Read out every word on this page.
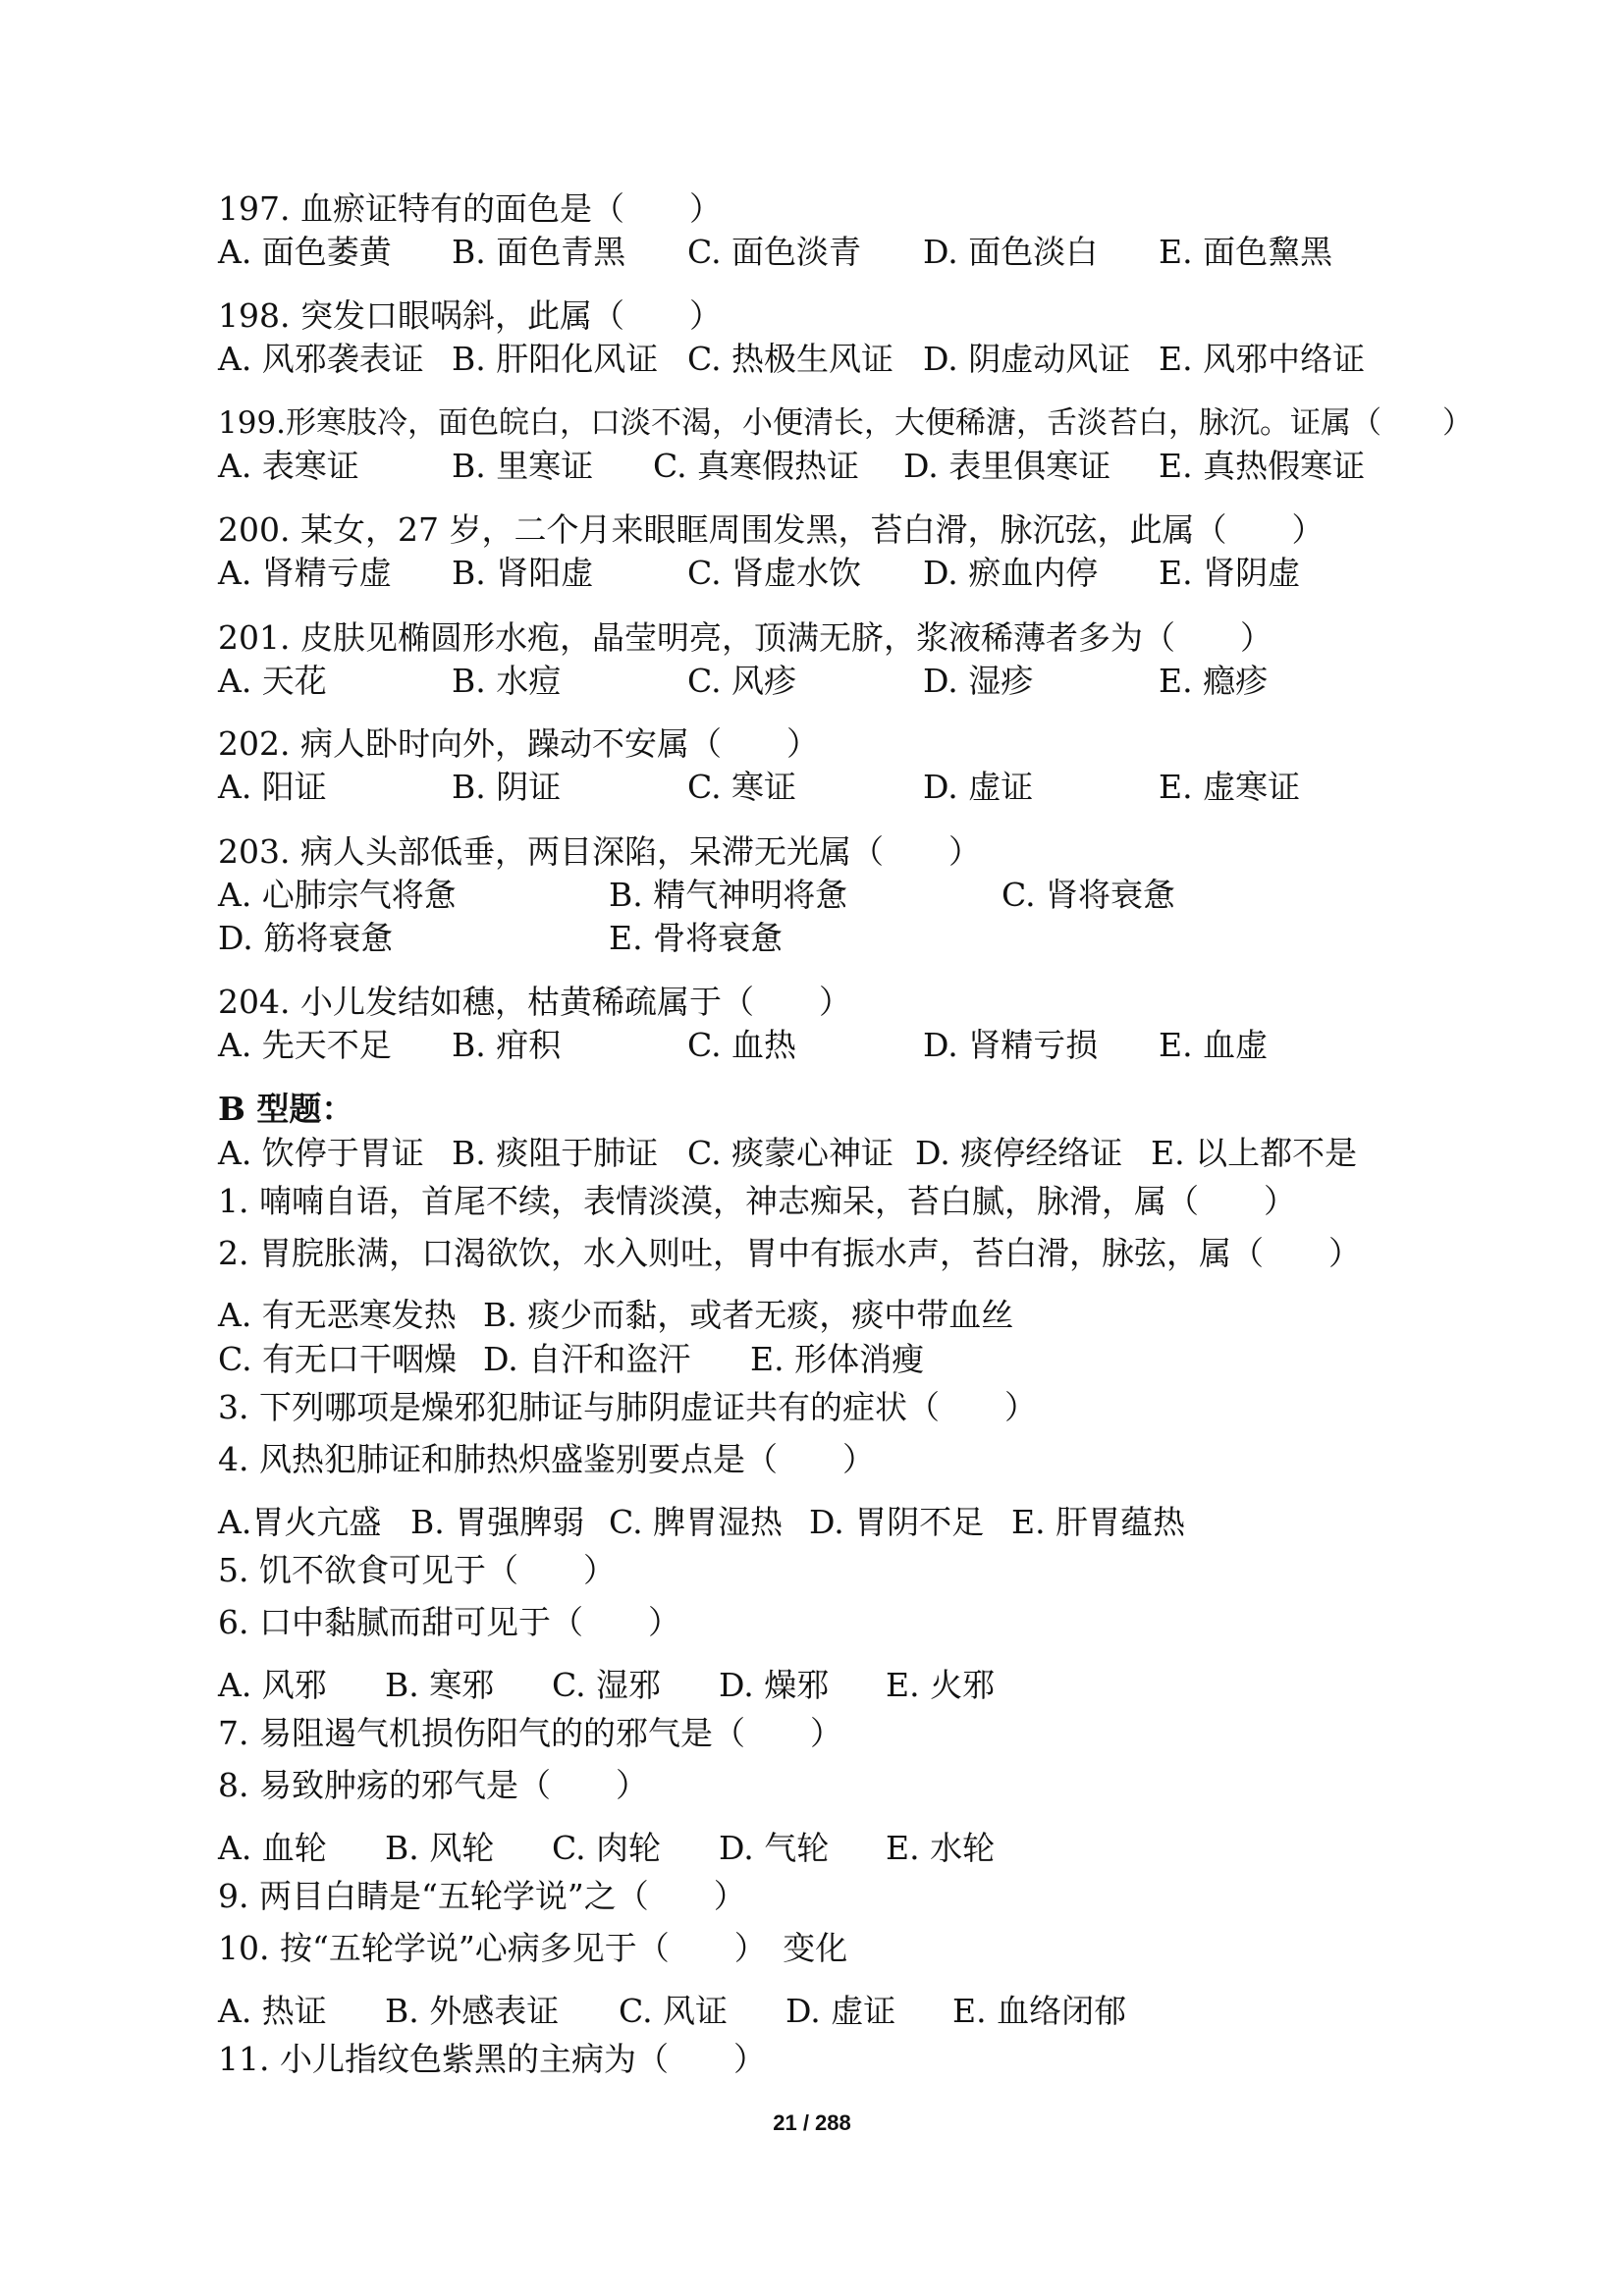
197. 血瘀证特有的面色是（　　）
A. 面色萎黄 B. 面色青黑 C. 面色淡青 D. 面色淡白 E. 面色黧黑
198. 突发口眼㖞斜，此属（　　）
A. 风邪袭表证 B. 肝阳化风证 C. 热极生风证 D. 阴虚动风证 E. 风邪中络证
199.形寒肢冷，面色皖白，口淡不渴，小便清长，大便稀溏，舌淡苔白，脉沉。证属（　　）
A. 表寒证	B. 里寒证 C. 真寒假热证 D. 表里俱寒证 E. 真热假寒证
200. 某女，27 岁，二个月来眼眶周围发黑，苔白滑，脉沉弦，此属（　　）
A. 肾精亏虚 B. 肾阳虚	C. 肾虚水饮 D. 瘀血内停 E. 肾阴虚
201. 皮肤见椭圆形水疱，晶莹明亮，顶满无脐，浆液稀薄者多为（　　）
A. 天花	B. 水痘	C. 风疹	D. 湿疹	E. 瘾疹
202. 病人卧时向外，躁动不安属（　　）
A. 阳证	B. 阴证	C. 寒证	D. 虚证	E. 虚寒证
203. 病人头部低垂，两目深陷，呆滞无光属（　　）
A. 心肺宗气将惫	B. 精气神明将惫	C. 肾将衰惫
D. 筋将衰惫	E. 骨将衰惫
204. 小儿发结如穗，枯黄稀疏属于（　　）
A. 先天不足 B. 疳积	C. 血热	D. 肾精亏损 E. 血虚
B 型题：
A. 饮停于胃证 B. 痰阻于肺证 C. 痰蒙心神证 D. 痰停经络证 E. 以上都不是
1. 喃喃自语，首尾不续，表情淡漠，神志痴呆，苔白腻，脉滑，属（　　）
2. 胃脘胀满，口渴欲饮，水入则吐，胃中有振水声，苔白滑，脉弦，属（　　）
A. 有无恶寒发热 B. 痰少而黏，或者无痰，痰中带血丝
C. 有无口干咽燥 D. 自汗和盗汗 E. 形体消瘦
3. 下列哪项是燥邪犯肺证与肺阴虚证共有的症状（　　）
4. 风热犯肺证和肺热炽盛鉴别要点是（　　）
A.胃火亢盛 B. 胃强脾弱 C. 脾胃湿热 D. 胃阴不足 E. 肝胃蕴热
5. 饥不欲食可见于（　　）
6. 口中黏腻而甜可见于（　　）
A. 风邪 B. 寒邪 C. 湿邪 D. 燥邪 E. 火邪
7. 易阻遏气机损伤阳气的的邪气是（　　）
8. 易致肿疡的邪气是（　　）
A. 血轮 B. 风轮 C. 肉轮 D. 气轮 E. 水轮
9. 两目白睛是“五轮学说”之（　　）
10. 按“五轮学说”心病多见于（　　）　变化
A. 热证 B. 外感表证 C. 风证 D. 虚证 E. 血络闭郁
11. 小儿指纹色紫黑的主病为（　　）
21 / 288
